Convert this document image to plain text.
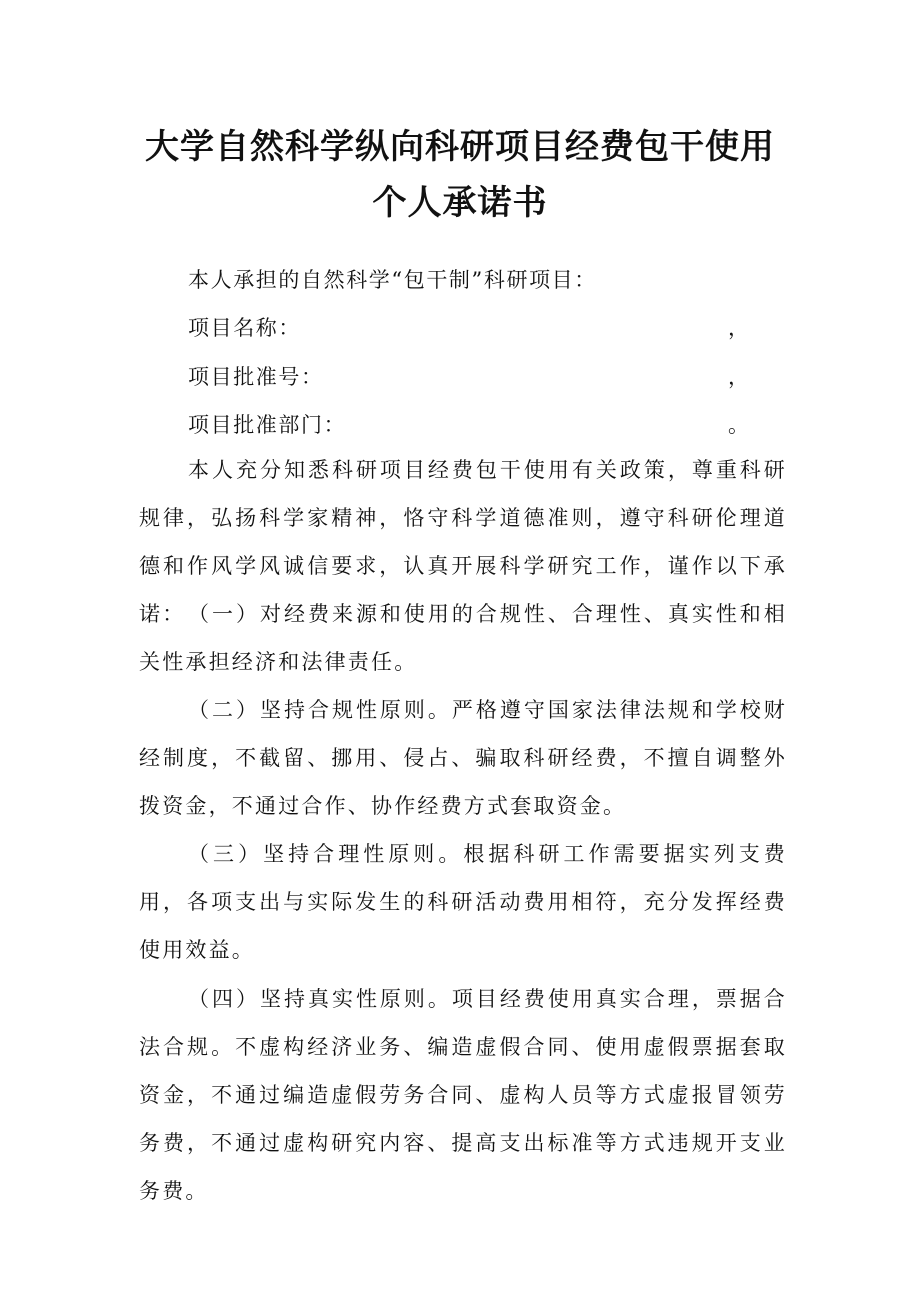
大学自然科学纵向科研项目经费包干使用
个人承诺书
本人承担的自然科学“包干制”科研项目：
项目名称：	，
项目批准号：	，
项目批准部门：	。
本人充分知悉科研项目经费包干使用有关政策，尊重科研规律，弘扬科学家精神，恪守科学道德准则，遵守科研伦理道德和作风学风诚信要求，认真开展科学研究工作，谨作以下承诺： （一）对经费来源和使用的合规性、合理性、真实性和相关性承担经济和法律责任。
（二）坚持合规性原则。严格遵守国家法律法规和学校财经制度，不截留、挪用、侵占、骗取科研经费，不擅自调整外拨资金，不通过合作、协作经费方式套取资金。
（三）坚持合理性原则。根据科研工作需要据实列支费用，各项支出与实际发生的科研活动费用相符，充分发挥经费使用效益。
（四）坚持真实性原则。项目经费使用真实合理，票据合法合规。不虚构经济业务、编造虚假合同、使用虚假票据套取资金，不通过编造虚假劳务合同、虚构人员等方式虚报冒领劳务费，不通过虚构研究内容、提高支出标准等方式违规开支业务费。
